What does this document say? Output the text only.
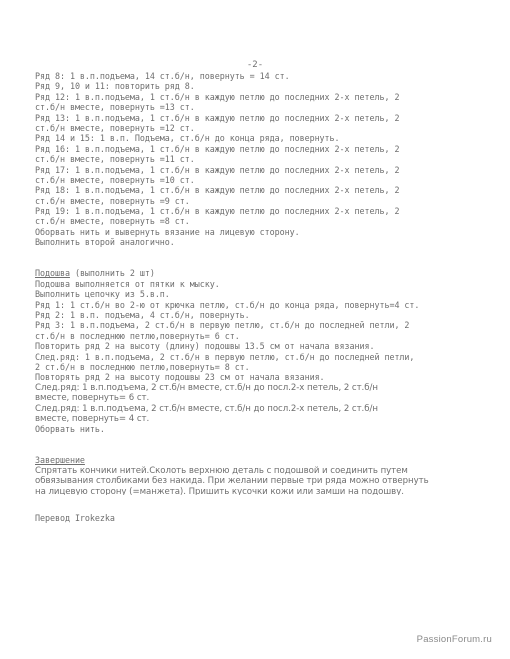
-2-
Ряд 8: 1 в.п.подъема, 14 ст.б/н, повернуть = 14 ст.
Ряд 9, 10 и 11: повторить ряд 8.
Ряд 12: 1 в.п.подъема, 1 ст.б/н в каждую петлю до последних 2-х петель, 2
ст.б/н вместе, повернуть =13 ст.
Ряд 13: 1 в.п.подъема, 1 ст.б/н в каждую петлю до последних 2-х петель, 2
ст.б/н вместе, повернуть =12 ст.
Ряд 14 и 15: 1 в.п. Подъема, ст.б/н до конца ряда, повернуть.
Ряд 16: 1 в.п.подъема, 1 ст.б/н в каждую петлю до последних 2-х петель, 2
ст.б/н вместе, повернуть =11 ст.
Ряд 17: 1 в.п.подъема, 1 ст.б/н в каждую петлю до последних 2-х петель, 2
ст.б/н вместе, повернуть =10 ст.
Ряд 18: 1 в.п.подъема, 1 ст.б/н в каждую петлю до последних 2-х петель, 2
ст.б/н вместе, повернуть =9 ст.
Ряд 19: 1 в.п.подъема, 1 ст.б/н в каждую петлю до последних 2-х петель, 2
ст.б/н вместе, повернуть =8 ст.
Оборвать нить и вывернуть вязание на лицевую сторону.
Выполнить второй аналогично.
Подошва (выполнить 2 шт)
Подошва выполняется от пятки к мыску.
Выполнить цепочку из 5.в.п.
Ряд 1: 1 ст.б/н во 2-ю от крючка петлю, ст.б/н до конца ряда, повернуть=4 ст.
Ряд 2: 1 в.п. подъема, 4 ст.б/н, повернуть.
Ряд 3: 1 в.п.подъема, 2 ст.б/н в первую петлю, ст.б/н до последней петли, 2
ст.б/н в последнюю петлю,повернуть= 6 ст.
Повторить ряд 2 на высоту (длину) подошвы 13.5 см от начала вязания.
След.ряд: 1 в.п.подъема, 2 ст.б/н в первую петлю, ст.б/н до последней петли,
2 ст.б/н в последнюю петлю,повернуть= 8 ст.
Повторять ряд 2 на высоту подошвы 23 см от начала вязания.
След.ряд: 1 в.п.подъема, 2 ст.б/н вместе, ст.б/н до посл.2-х петель, 2 ст.б/н
вместе, повернуть= 6 ст.
След.ряд: 1 в.п.подъема, 2 ст.б/н вместе, ст.б/н до посл.2-х петель, 2 ст.б/н
вместе, повернуть= 4 ст.
Оборвать нить.
Завершение
Спрятать кончики нитей.Сколоть верхнюю деталь с подошвой и соединить путем
обвязывания столбиками без накида. При желании первые три ряда можно отвернуть
на лицевую сторону (=манжета). Пришить кусочки кожи или замши на подошву.
Перевод Irokezka
PassionForum.ru
